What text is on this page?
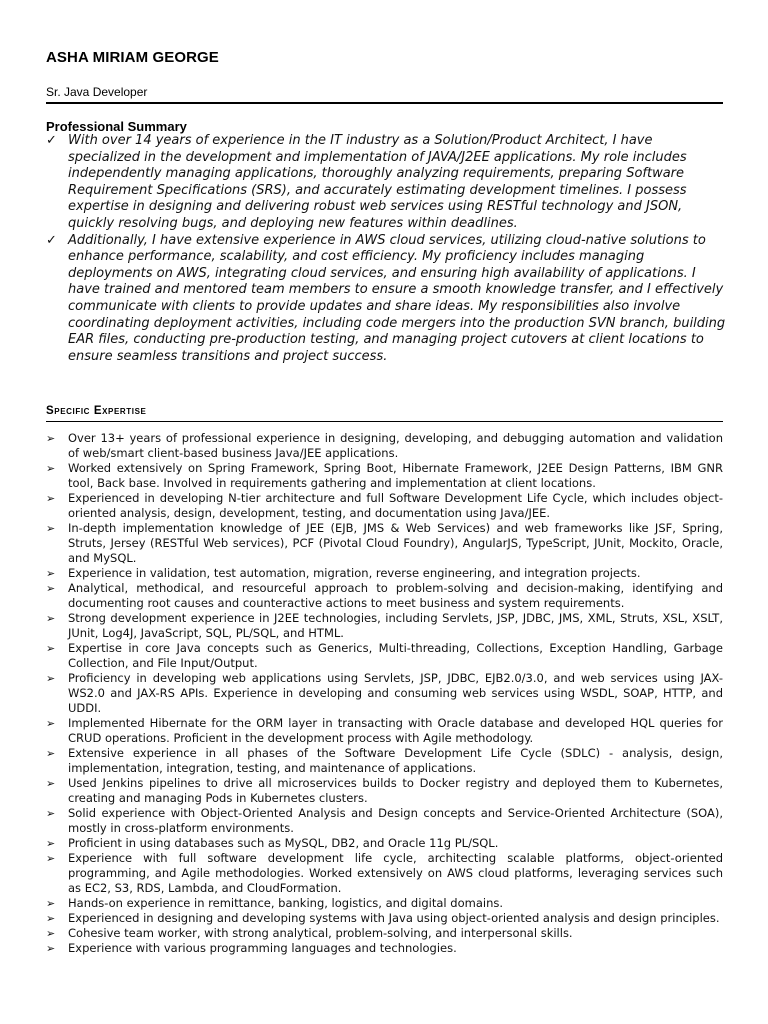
ASHA MIRIAM GEORGE
Sr. Java Developer
Professional Summary
✓ With over 14 years of experience in the IT industry as a Solution/Product Architect, I have specialized in the development and implementation of JAVA/J2EE applications. My role includes independently managing applications, thoroughly analyzing requirements, preparing Software Requirement Specifications (SRS), and accurately estimating development timelines. I possess expertise in designing and delivering robust web services using RESTful technology and JSON, quickly resolving bugs, and deploying new features within deadlines.
✓ Additionally, I have extensive experience in AWS cloud services, utilizing cloud-native solutions to enhance performance, scalability, and cost efficiency. My proficiency includes managing deployments on AWS, integrating cloud services, and ensuring high availability of applications. I have trained and mentored team members to ensure a smooth knowledge transfer, and I effectively communicate with clients to provide updates and share ideas. My responsibilities also involve coordinating deployment activities, including code mergers into the production SVN branch, building EAR files, conducting pre-production testing, and managing project cutovers at client locations to ensure seamless transitions and project success.
Specific Expertise
➢ Over 13+ years of professional experience in designing, developing, and debugging automation and validation of web/smart client-based business Java/JEE applications.
➢ Worked extensively on Spring Framework, Spring Boot, Hibernate Framework, J2EE Design Patterns, IBM GNR tool, Back base. Involved in requirements gathering and implementation at client locations.
➢ Experienced in developing N-tier architecture and full Software Development Life Cycle, which includes object-oriented analysis, design, development, testing, and documentation using Java/JEE.
➢ In-depth implementation knowledge of JEE (EJB, JMS & Web Services) and web frameworks like JSF, Spring, Struts, Jersey (RESTful Web services), PCF (Pivotal Cloud Foundry), AngularJS, TypeScript, JUnit, Mockito, Oracle, and MySQL.
➢ Experience in validation, test automation, migration, reverse engineering, and integration projects.
➢ Analytical, methodical, and resourceful approach to problem-solving and decision-making, identifying and documenting root causes and counteractive actions to meet business and system requirements.
➢ Strong development experience in J2EE technologies, including Servlets, JSP, JDBC, JMS, XML, Struts, XSL, XSLT, JUnit, Log4J, JavaScript, SQL, PL/SQL, and HTML.
➢ Expertise in core Java concepts such as Generics, Multi-threading, Collections, Exception Handling, Garbage Collection, and File Input/Output.
➢ Proficiency in developing web applications using Servlets, JSP, JDBC, EJB2.0/3.0, and web services using JAX-WS2.0 and JAX-RS APIs. Experience in developing and consuming web services using WSDL, SOAP, HTTP, and UDDI.
➢ Implemented Hibernate for the ORM layer in transacting with Oracle database and developed HQL queries for CRUD operations. Proficient in the development process with Agile methodology.
➢ Extensive experience in all phases of the Software Development Life Cycle (SDLC) - analysis, design, implementation, integration, testing, and maintenance of applications.
➢ Used Jenkins pipelines to drive all microservices builds to Docker registry and deployed them to Kubernetes, creating and managing Pods in Kubernetes clusters.
➢ Solid experience with Object-Oriented Analysis and Design concepts and Service-Oriented Architecture (SOA), mostly in cross-platform environments.
➢ Proficient in using databases such as MySQL, DB2, and Oracle 11g PL/SQL.
➢ Experience with full software development life cycle, architecting scalable platforms, object-oriented programming, and Agile methodologies. Worked extensively on AWS cloud platforms, leveraging services such as EC2, S3, RDS, Lambda, and CloudFormation.
➢ Hands-on experience in remittance, banking, logistics, and digital domains.
➢ Experienced in designing and developing systems with Java using object-oriented analysis and design principles.
➢ Cohesive team worker, with strong analytical, problem-solving, and interpersonal skills.
➢ Experience with various programming languages and technologies.
